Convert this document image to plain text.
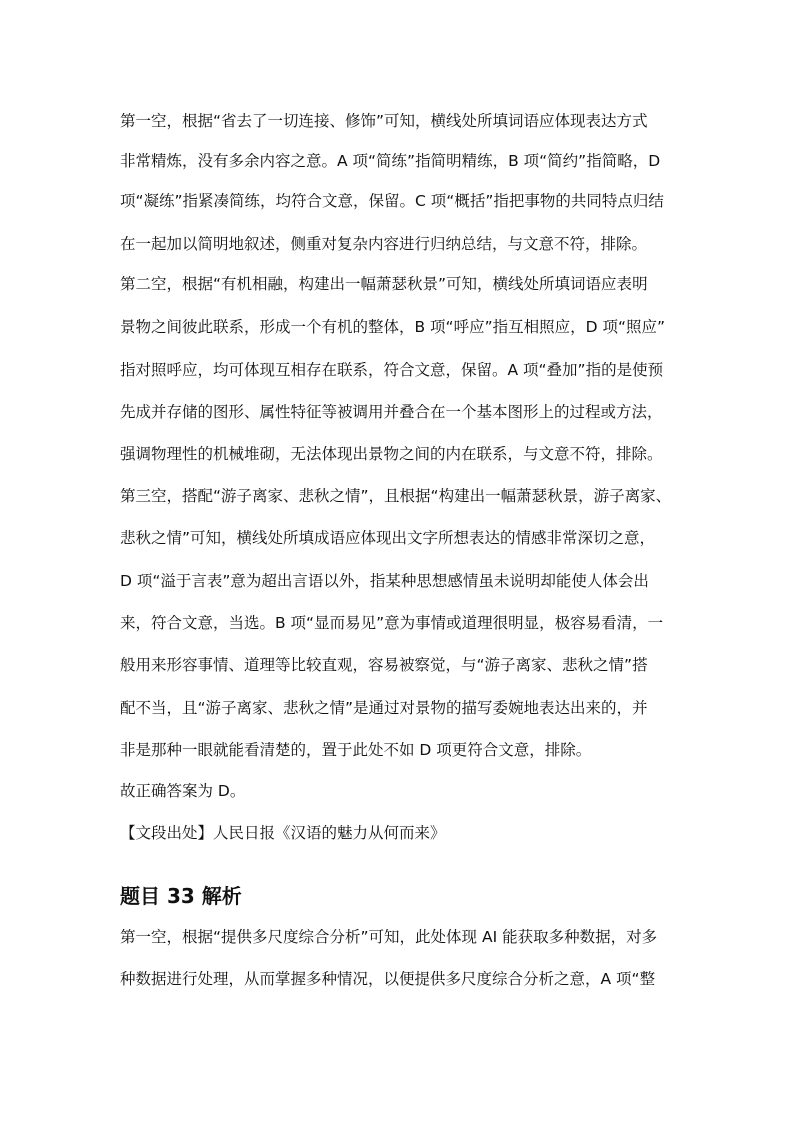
第一空，根据“省去了一切连接、修饰”可知，横线处所填词语应体现表达方式
非常精炼，没有多余内容之意。A 项“简练”指简明精练，B 项“简约”指简略，D
项“凝练”指紧凑简练，均符合文意，保留。C 项“概括”指把事物的共同特点归结
在一起加以简明地叙述，侧重对复杂内容进行归纳总结，与文意不符，排除。
第二空，根据“有机相融，构建出一幅萧瑟秋景”可知，横线处所填词语应表明
景物之间彼此联系，形成一个有机的整体，B 项“呼应”指互相照应，D 项“照应”
指对照呼应，均可体现互相存在联系，符合文意，保留。A 项“叠加”指的是使预
先成并存储的图形、属性特征等被调用并叠合在一个基本图形上的过程或方法，
强调物理性的机械堆砌，无法体现出景物之间的内在联系，与文意不符，排除。
第三空，搭配“游子离家、悲秋之情”，且根据“构建出一幅萧瑟秋景，游子离家、
悲秋之情”可知，横线处所填成语应体现出文字所想表达的情感非常深切之意，
D 项“溢于言表”意为超出言语以外，指某种思想感情虽未说明却能使人体会出
来，符合文意，当选。B 项“显而易见”意为事情或道理很明显，极容易看清，一
般用来形容事情、道理等比较直观，容易被察觉，与“游子离家、悲秋之情”搭
配不当，且“游子离家、悲秋之情”是通过对景物的描写委婉地表达出来的，并
非是那种一眼就能看清楚的，置于此处不如 D 项更符合文意，排除。
故正确答案为 D。
【文段出处】人民日报《汉语的魅力从何而来》
题目 33 解析
第一空，根据“提供多尺度综合分析”可知，此处体现 AI 能获取多种数据，对多
种数据进行处理，从而掌握多种情况，以便提供多尺度综合分析之意，A 项“整
